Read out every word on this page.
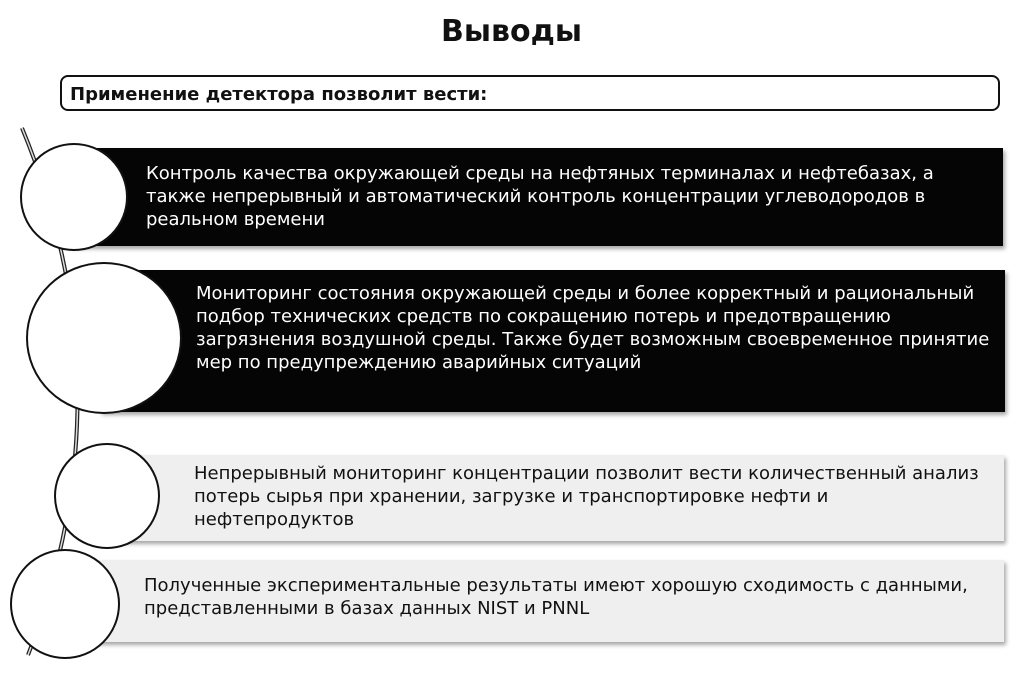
Выводы
Применение детектора позволит вести:
Контроль качества окружающей среды на нефтяных терминалах и нефтебазах, а также непрерывный и автоматический контроль концентрации углеводородов в реальном времени
Мониторинг состояния окружающей среды и более корректный и рациональный подбор технических средств по сокращению потерь и предотвращению загрязнения воздушной среды. Также будет возможным своевременное принятие мер по предупреждению аварийных ситуаций
Непрерывный мониторинг концентрации позволит вести количественный анализ потерь сырья при хранении, загрузке и транспортировке нефти и нефтепродуктов
Полученные экспериментальные результаты имеют хорошую сходимость с данными, представленными в базах данных NIST и PNNL
